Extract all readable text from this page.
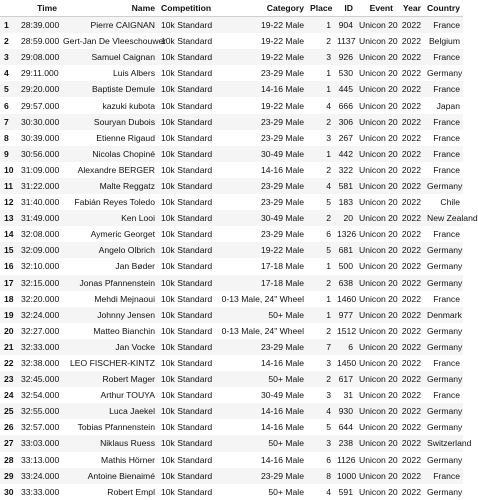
	Time	Name	Competition	Category	Place	ID	Event	Year	Country
1	28:39.000	Pierre CAIGNAN	10k Standard	19-22 Male	1	904	Unicon 20	2022	France
2	28:59.000	Gert-Jan De Vleeschouwer	10k Standard	19-22 Male	2	1137	Unicon 20	2022	Belgium
3	29:08.000	Samuel Caignan	10k Standard	19-22 Male	3	926	Unicon 20	2022	France
4	29:11.000	Luis Albers	10k Standard	23-29 Male	1	530	Unicon 20	2022	Germany
5	29:20.000	Baptiste Demule	10k Standard	14-16 Male	1	445	Unicon 20	2022	France
6	29:57.000	kazuki kubota	10k Standard	19-22 Male	4	666	Unicon 20	2022	Japan
7	30:30.000	Souryan Dubois	10k Standard	23-29 Male	2	306	Unicon 20	2022	France
8	30:39.000	Etienne Rigaud	10k Standard	23-29 Male	3	267	Unicon 20	2022	France
9	30:56.000	Nicolas Chopiné	10k Standard	30-49 Male	1	442	Unicon 20	2022	France
10	31:09.000	Alexandre BERGER	10k Standard	14-16 Male	2	322	Unicon 20	2022	France
11	31:22.000	Malte Reggatz	10k Standard	23-29 Male	4	581	Unicon 20	2022	Germany
12	31:40.000	Fabián Reyes Toledo	10k Standard	23-29 Male	5	183	Unicon 20	2022	Chile
13	31:49.000	Ken Looi	10k Standard	30-49 Male	2	20	Unicon 20	2022	New Zealand
14	32:08.000	Aymeric Georget	10k Standard	23-29 Male	6	1326	Unicon 20	2022	France
15	32:09.000	Angelo Olbrich	10k Standard	19-22 Male	5	681	Unicon 20	2022	Germany
16	32:10.000	Jan Bøder	10k Standard	17-18 Male	1	500	Unicon 20	2022	Germany
17	32:15.000	Jonas Pfannenstein	10k Standard	17-18 Male	2	638	Unicon 20	2022	Germany
18	32:20.000	Mehdi Mejnaoui	10k Standard	0-13 Male, 24" Wheel	1	1460	Unicon 20	2022	France
19	32:24.000	Johnny Jensen	10k Standard	50+ Male	1	977	Unicon 20	2022	Denmark
20	32:27.000	Matteo Bianchin	10k Standard	0-13 Male, 24" Wheel	2	1512	Unicon 20	2022	Germany
21	32:33.000	Jan Vocke	10k Standard	23-29 Male	7	6	Unicon 20	2022	Germany
22	32:38.000	LEO FISCHER-KINTZ	10k Standard	14-16 Male	3	1450	Unicon 20	2022	France
23	32:45.000	Robert Mager	10k Standard	50+ Male	2	617	Unicon 20	2022	Germany
24	32:54.000	Arthur TOUYA	10k Standard	30-49 Male	3	31	Unicon 20	2022	France
25	32:55.000	Luca Jaekel	10k Standard	14-16 Male	4	930	Unicon 20	2022	Germany
26	32:57.000	Tobias Pfannenstein	10k Standard	14-16 Male	5	644	Unicon 20	2022	Germany
27	33:03.000	Niklaus Ruess	10k Standard	50+ Male	3	238	Unicon 20	2022	Switzerland
28	33:13.000	Mathis Hörner	10k Standard	14-16 Male	6	1126	Unicon 20	2022	Germany
29	33:24.000	Antoine Bienaimé	10k Standard	23-29 Male	8	1000	Unicon 20	2022	France
30	33:33.000	Robert Empl	10k Standard	50+ Male	4	591	Unicon 20	2022	Germany
